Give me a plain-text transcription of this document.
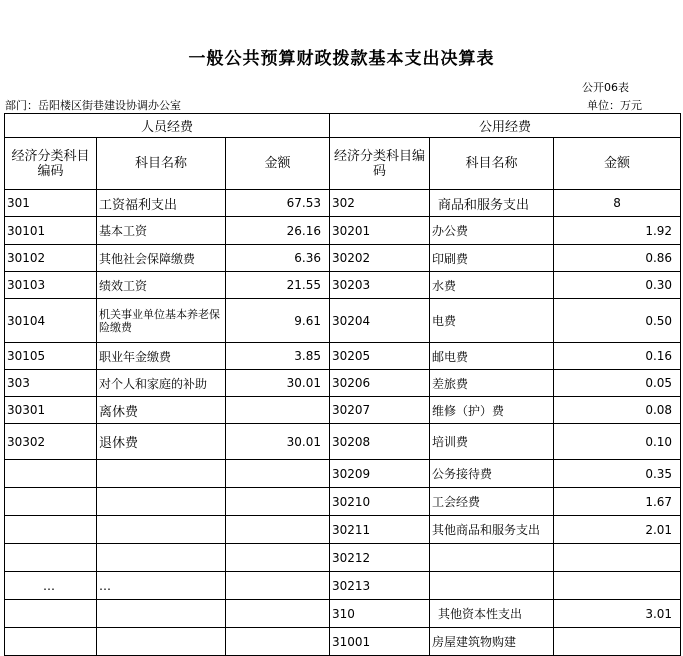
一般公共预算财政拨款基本支出决算表
公开06表
部门：岳阳楼区街巷建设协调办公室	单位：万元
人员经费			公用经费		
经济分类科目编码	科目名称	金额	经济分类科目编码	科目名称	金额
301	工资福利支出	67.53	302	商品和服务支出	8
30101	基本工资	26.16	30201	办公费	1.92
30102	其他社会保障缴费	6.36	30202	印刷费	0.86
30103	绩效工资	21.55	30203	水费	0.30
30104	机关事业单位基本养老保险缴费	9.61	30204	电费	0.50
30105	职业年金缴费	3.85	30205	邮电费	0.16
303	对个人和家庭的补助	30.01	30206	差旅费	0.05
30301	离休费		30207	维修（护）费	0.08
30302	退休费	30.01	30208	培训费	0.10
			30209	公务接待费	0.35
			30210	工会经费	1.67
			30211	其他商品和服务支出	2.01
			30212		
…	…		30213		
			310	其他资本性支出	3.01
			31001	房屋建筑物购建	
